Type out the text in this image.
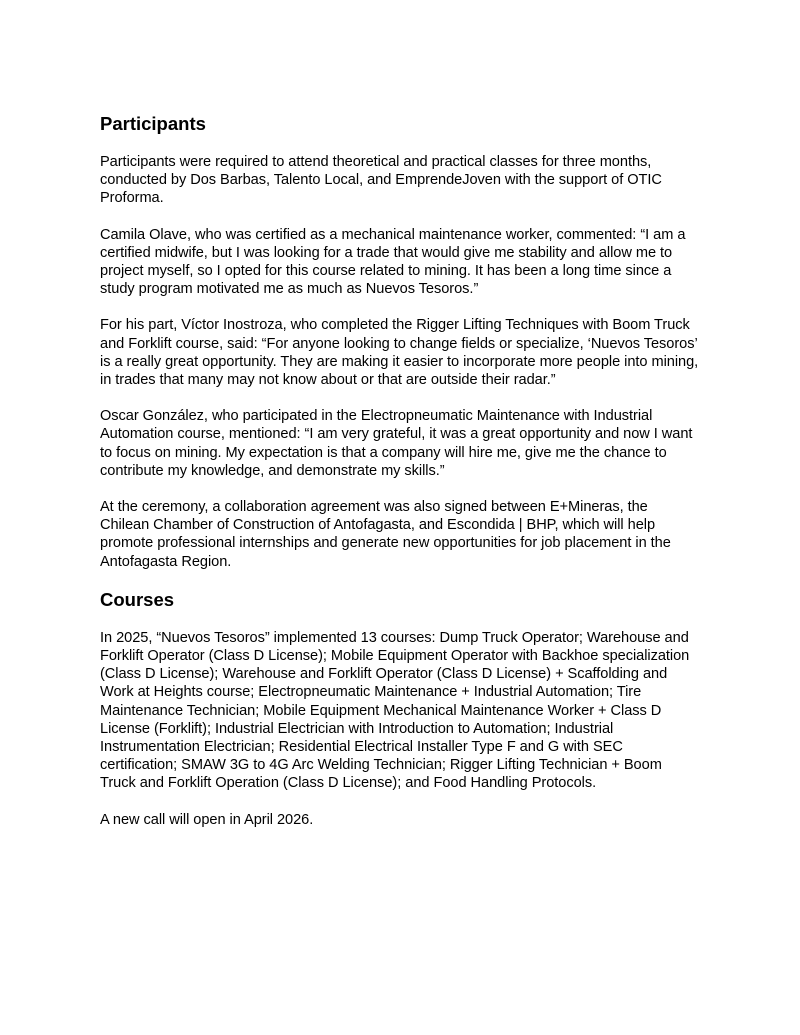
Participants

Participants were required to attend theoretical and practical classes for three months, conducted by Dos Barbas, Talento Local, and EmprendeJoven with the support of OTIC Proforma.

Camila Olave, who was certified as a mechanical maintenance worker, commented: “I am a certified midwife, but I was looking for a trade that would give me stability and allow me to project myself, so I opted for this course related to mining. It has been a long time since a study program motivated me as much as Nuevos Tesoros.”

For his part, Víctor Inostroza, who completed the Rigger Lifting Techniques with Boom Truck and Forklift course, said: “For anyone looking to change fields or specialize, ‘Nuevos Tesoros’ is a really great opportunity. They are making it easier to incorporate more people into mining, in trades that many may not know about or that are outside their radar.”

Oscar González, who participated in the Electropneumatic Maintenance with Industrial Automation course, mentioned: “I am very grateful, it was a great opportunity and now I want to focus on mining. My expectation is that a company will hire me, give me the chance to contribute my knowledge, and demonstrate my skills.”

At the ceremony, a collaboration agreement was also signed between E+Mineras, the Chilean Chamber of Construction of Antofagasta, and Escondida | BHP, which will help promote professional internships and generate new opportunities for job placement in the Antofagasta Region.

Courses

In 2025, “Nuevos Tesoros” implemented 13 courses: Dump Truck Operator; Warehouse and Forklift Operator (Class D License); Mobile Equipment Operator with Backhoe specialization (Class D License); Warehouse and Forklift Operator (Class D License) + Scaffolding and Work at Heights course; Electropneumatic Maintenance + Industrial Automation; Tire Maintenance Technician; Mobile Equipment Mechanical Maintenance Worker + Class D License (Forklift); Industrial Electrician with Introduction to Automation; Industrial Instrumentation Electrician; Residential Electrical Installer Type F and G with SEC certification; SMAW 3G to 4G Arc Welding Technician; Rigger Lifting Technician + Boom Truck and Forklift Operation (Class D License); and Food Handling Protocols.

A new call will open in April 2026.
